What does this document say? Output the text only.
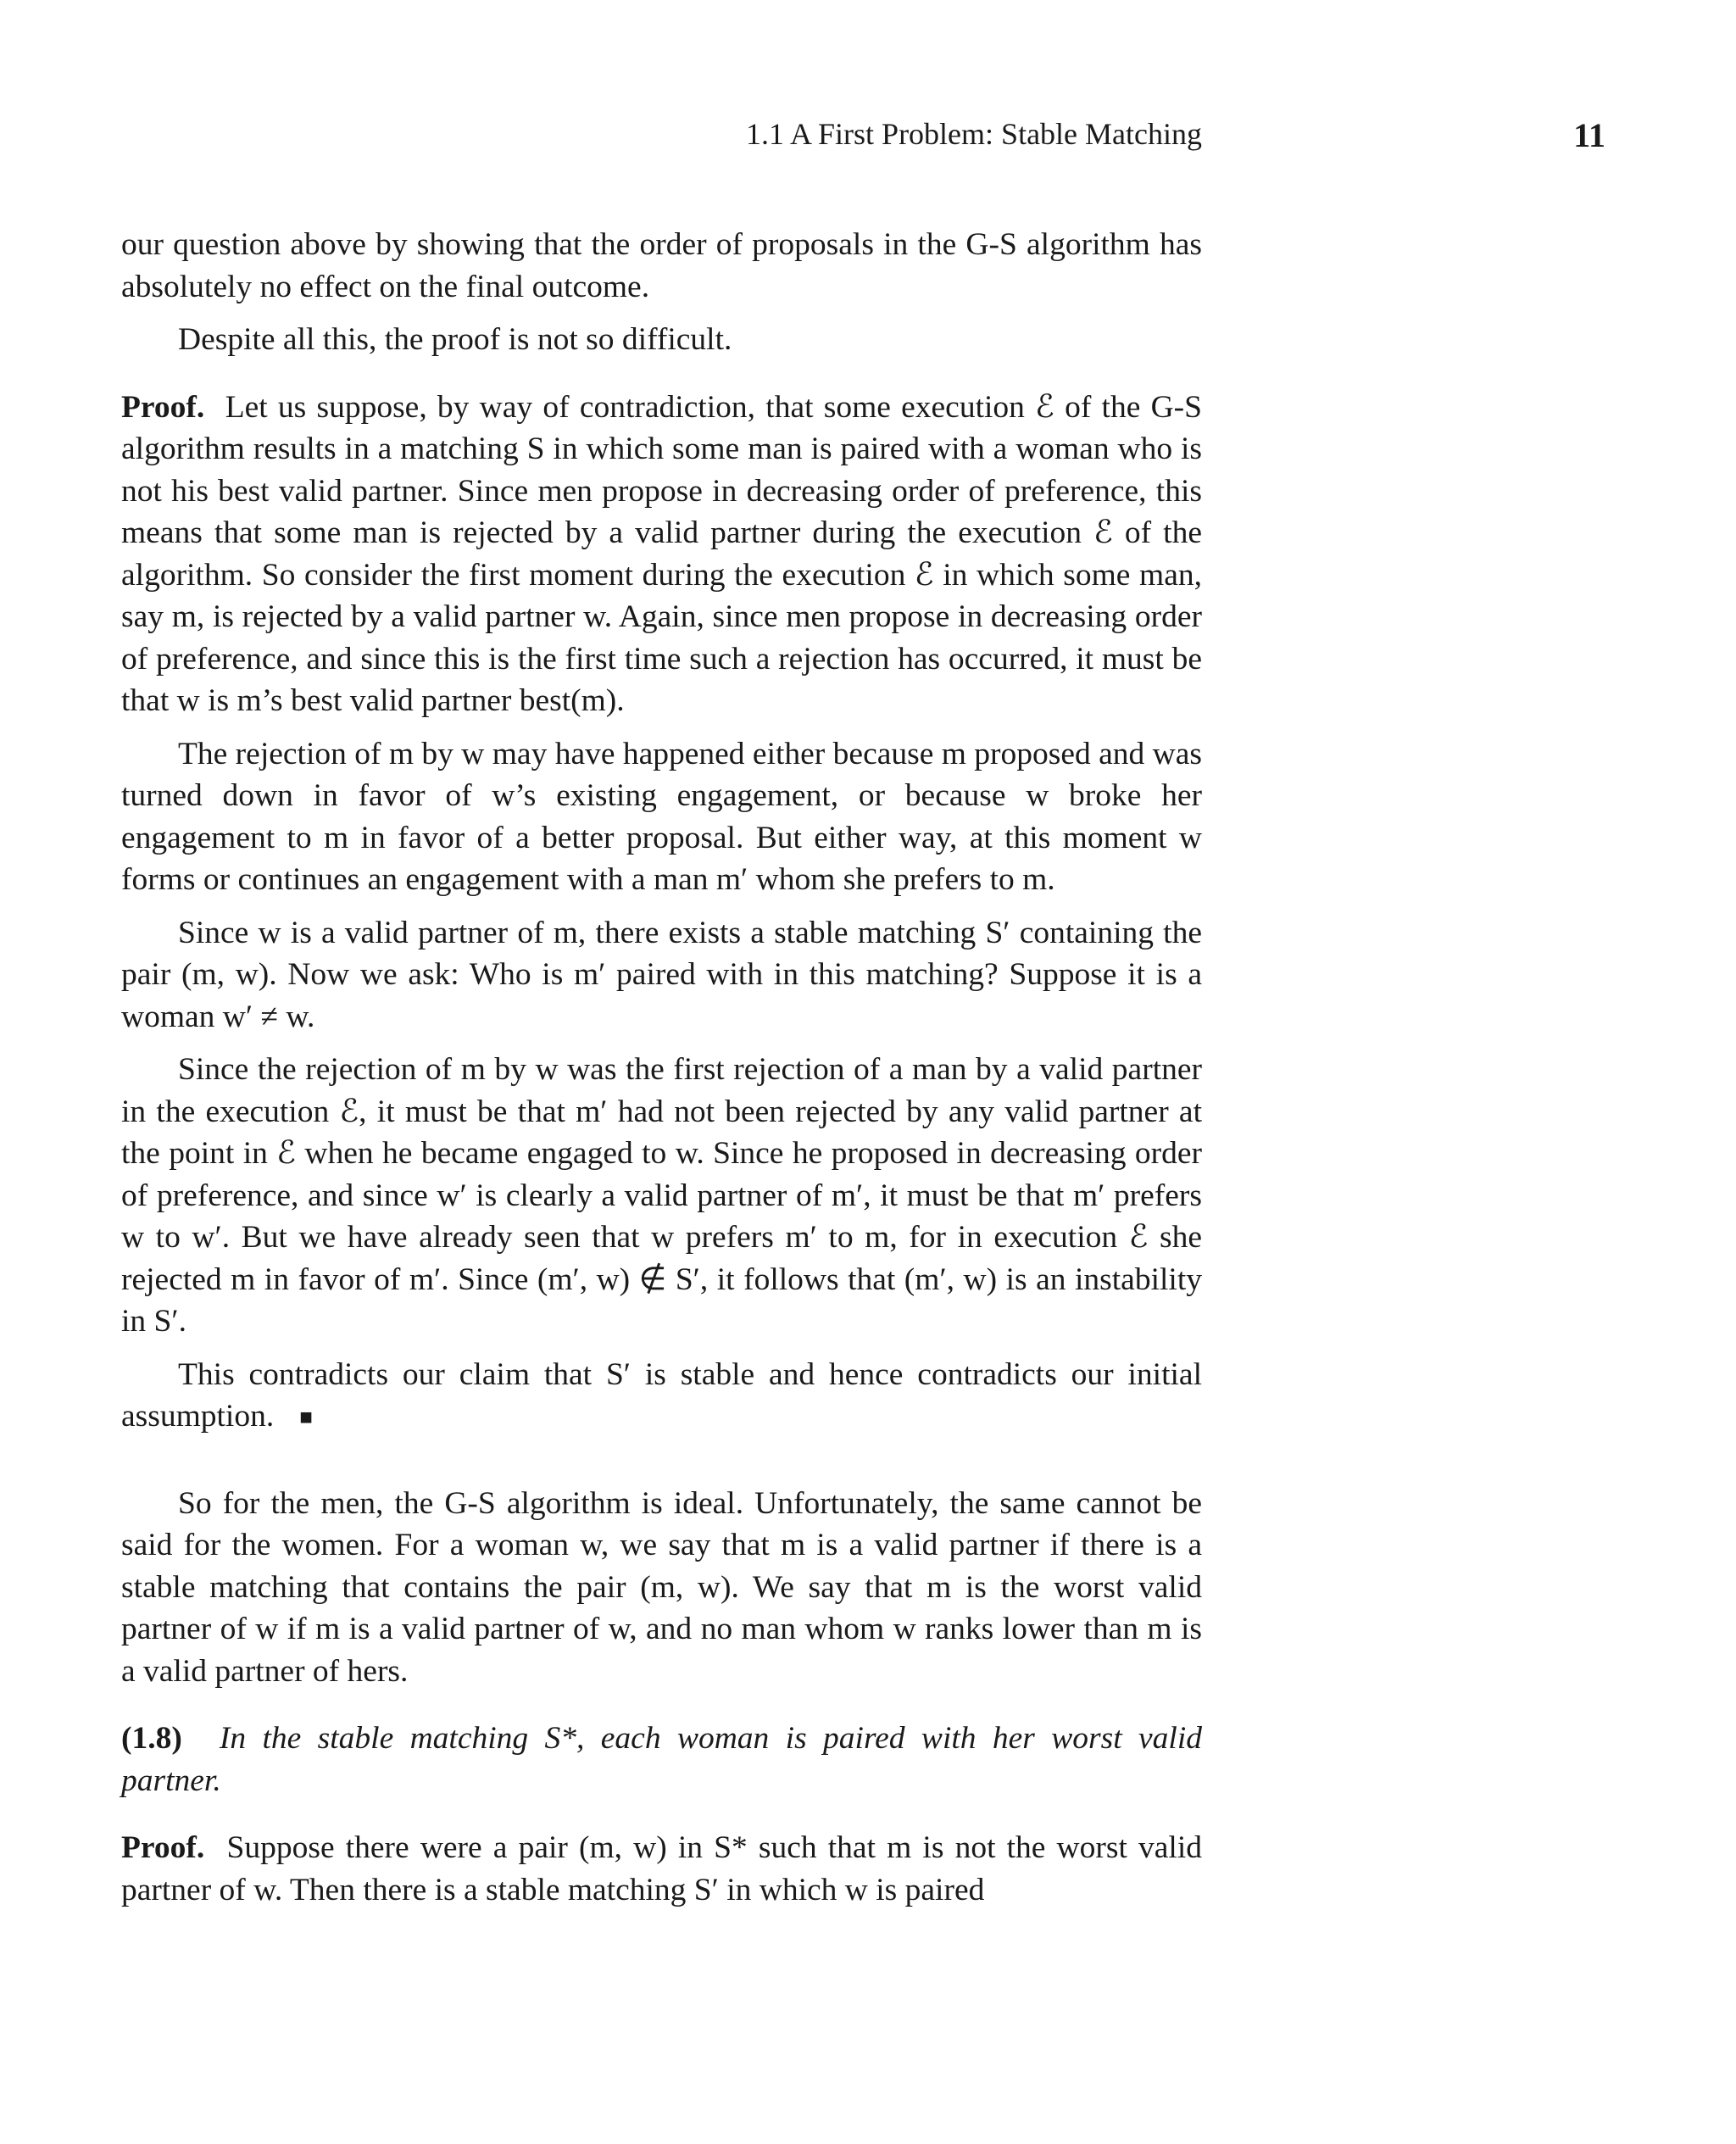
1.1 A First Problem: Stable Matching	11

our question above by showing that the order of proposals in the G-S algorithm has absolutely no effect on the final outcome.

Despite all this, the proof is not so difficult.

Proof. Let us suppose, by way of contradiction, that some execution ℰ of the G-S algorithm results in a matching S in which some man is paired with a woman who is not his best valid partner. Since men propose in decreasing order of preference, this means that some man is rejected by a valid partner during the execution ℰ of the algorithm. So consider the first moment during the execution ℰ in which some man, say m, is rejected by a valid partner w. Again, since men propose in decreasing order of preference, and since this is the first time such a rejection has occurred, it must be that w is m’s best valid partner best(m).

The rejection of m by w may have happened either because m proposed and was turned down in favor of w’s existing engagement, or because w broke her engagement to m in favor of a better proposal. But either way, at this moment w forms or continues an engagement with a man m′ whom she prefers to m.

Since w is a valid partner of m, there exists a stable matching S′ containing the pair (m, w). Now we ask: Who is m′ paired with in this matching? Suppose it is a woman w′ ≠ w.

Since the rejection of m by w was the first rejection of a man by a valid partner in the execution ℰ, it must be that m′ had not been rejected by any valid partner at the point in ℰ when he became engaged to w. Since he proposed in decreasing order of preference, and since w′ is clearly a valid partner of m′, it must be that m′ prefers w to w′. But we have already seen that w prefers m′ to m, for in execution ℰ she rejected m in favor of m′. Since (m′, w) ∉ S′, it follows that (m′, w) is an instability in S′.

This contradicts our claim that S′ is stable and hence contradicts our initial assumption. ■

So for the men, the G-S algorithm is ideal. Unfortunately, the same cannot be said for the women. For a woman w, we say that m is a valid partner if there is a stable matching that contains the pair (m, w). We say that m is the worst valid partner of w if m is a valid partner of w, and no man whom w ranks lower than m is a valid partner of hers.

(1.8) In the stable matching S*, each woman is paired with her worst valid partner.

Proof. Suppose there were a pair (m, w) in S* such that m is not the worst valid partner of w. Then there is a stable matching S′ in which w is paired
